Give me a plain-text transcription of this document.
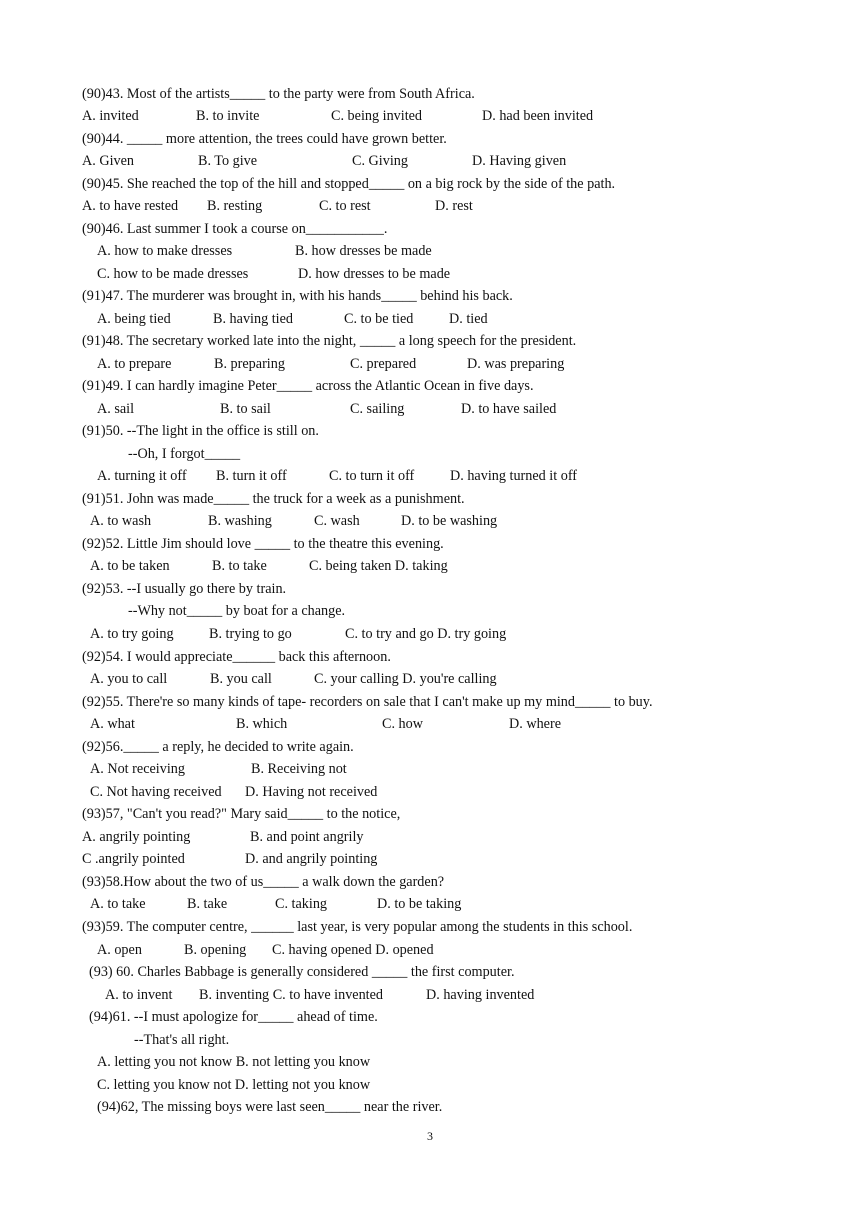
(90)43. Most of the artists_____ to the party were from South Africa.

A. invited

	B. to invite

	C. being invited

	D. had been invited

(90)44. _____ more attention, the trees could have grown better.

A. Given

	B. To give

	C. Giving

	D. Having given

(90)45. She reached the top of the hill and stopped_____ on a big rock by the side of the path.

A. to have rested

B. resting

	C. to rest

	D. rest

(90)46. Last summer I took a course on___________.

A. how to make dresses

	B. how dresses be made

C. how to be made dresses

	D. how dresses to be made

(91)47. The murderer was brought in, with his hands_____ behind his back.

A. being tied

	B. having tied

	C. to be tied

	D. tied

(91)48. The secretary worked late into the night, _____ a long speech for the president.

A. to prepare

	B. preparing

	C. prepared

	D. was preparing

(91)49. I can hardly imagine Peter_____ across the Atlantic Ocean in five days.

A. sail

	B. to sail

	C. sailing

	D. to have sailed

(91)50. --The light in the office is still on.
--Oh, I forgot_____

A. turning it off

B. turn it off

	C. to turn it off

	D. having turned it off

(91)51. John was made_____ the truck for a week as a punishment.

A. to wash

	B. washing

	C. wash

	D. to be washing

(92)52. Little Jim should love _____ to the theatre this evening.

A. to be taken

	B. to take

	C. being taken D. taking

(92)53. --I usually go there by train.
--Why not_____ by boat for a change.

A. to try going

B. trying to go

	C. to try and go D. try going

(92)54. I would appreciate______ back this afternoon.

A. you to call

	B. you call

	C. your calling D. you're calling

(92)55. There're so many kinds of tape- recorders on sale that I can't make up my mind_____ to buy.

A. what

	B. which

	C. how

	D. where

(92)56._____ a reply, he decided to write again.

A. Not receiving

	B. Receiving not

C. Not having received

D. Having not received

(93)57, "Can't you read?" Mary said_____ to the notice,

A. angrily pointing

	B. and point angrily

C .angrily pointed

	D. and angrily pointing

(93)58.How about the two of us_____ a walk down the garden?

A. to take

	B. take

	C. taking

	D. to be taking

(93)59. The computer centre, ______ last year, is very popular among the students in this school.

A. open

	B. opening

C. having opened D. opened

(93) 60. Charles Babbage is generally considered _____ the first computer.

A. to invent

B. inventing C. to have invented

	D. having invented

(94)61. --I must apologize for_____ ahead of time.
--That's all right.

A. letting you not know B. not letting you know

C. letting you know not D. letting not you know

(94)62, The missing boys were last seen_____ near the river.
3
